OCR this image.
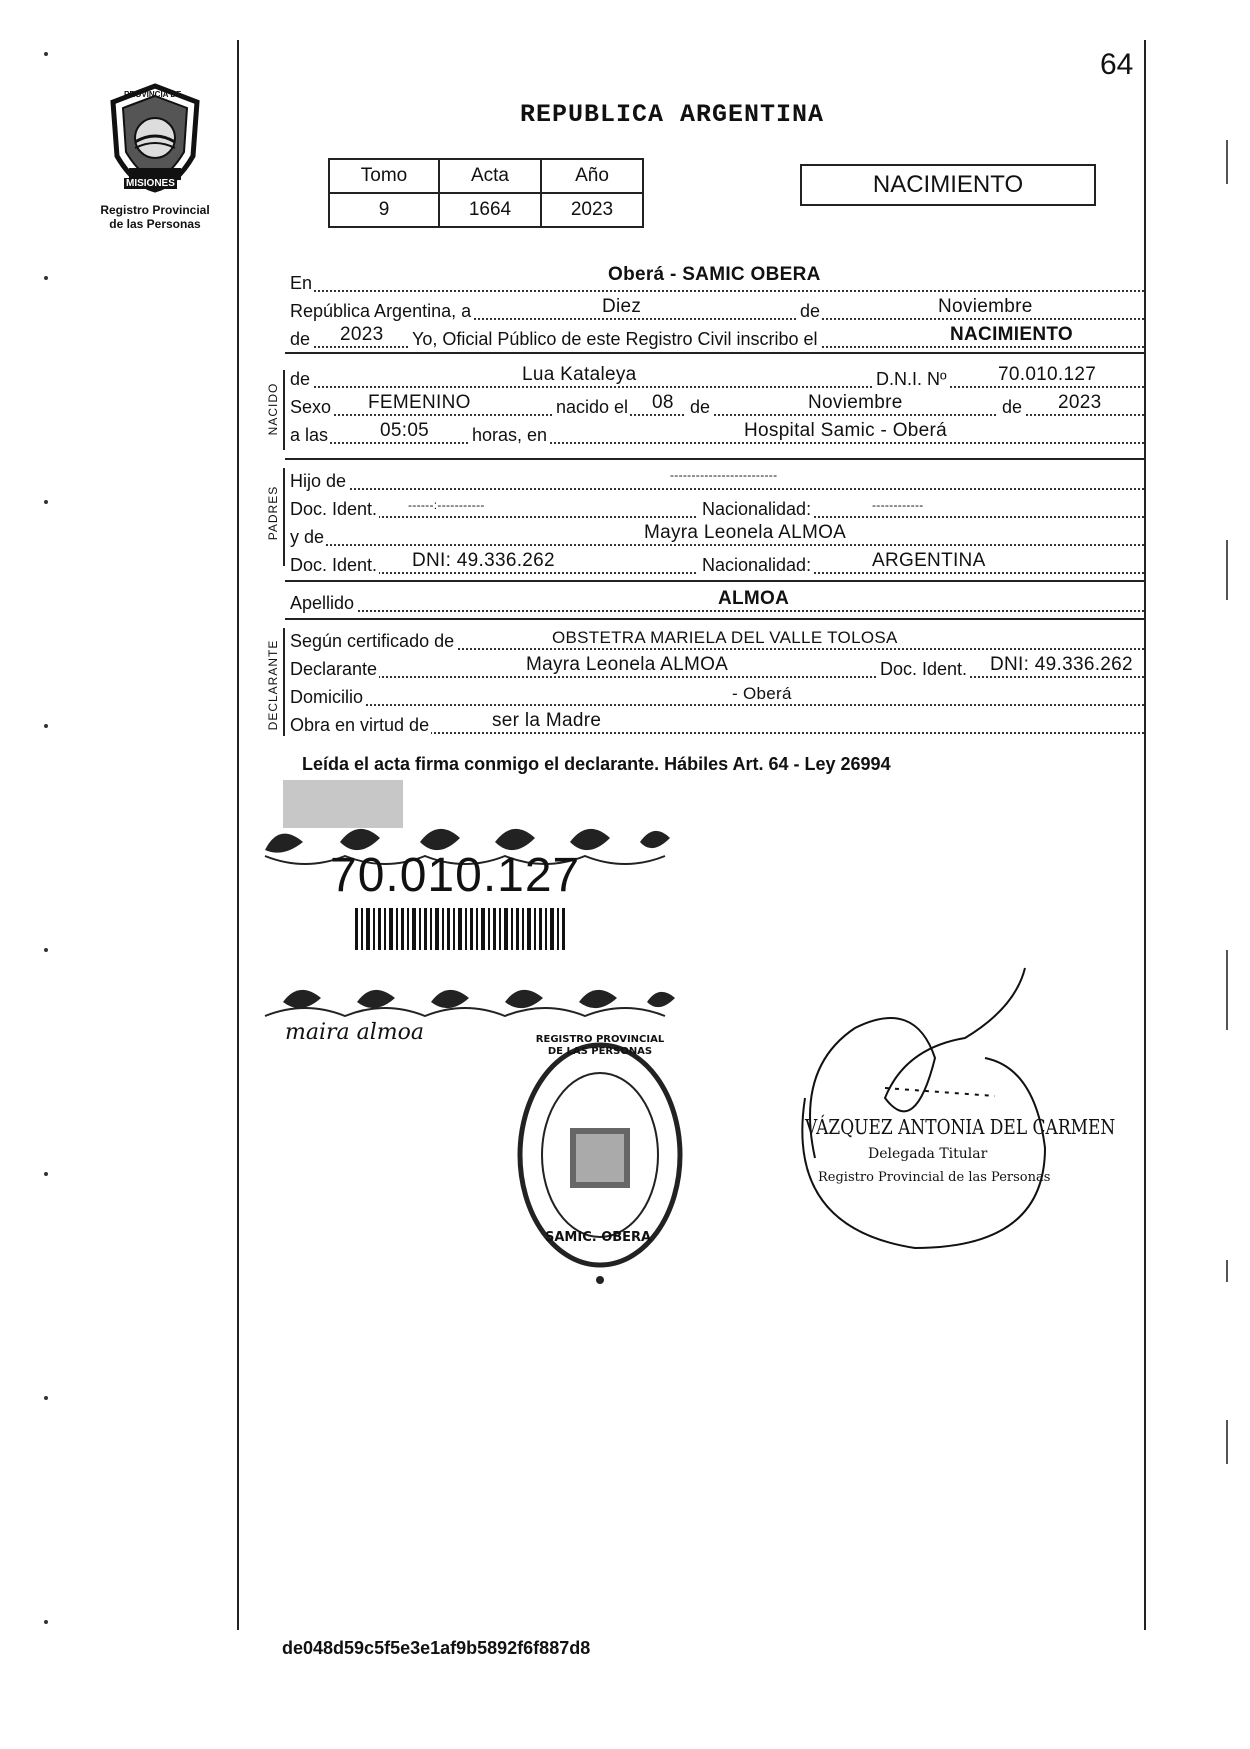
64
REPUBLICA ARGENTINA
Registro Provincial
de las Personas
PROVINCIA DE
MISIONES	Tomo	Acta	Año
9	1664	2023
NACIMIENTO
En	Oberá - SAMIC OBERA
República Argentina, a	Diez	de	Noviembre
de 2023 Yo, Oficial Público de este Registro Civil inscribo el	NACIMIENTO
NACIDO
de	Lua Kataleya	D.N.I. Nº	70.010.127
Sexo FEMENINO	nacido el 08 de	Noviembre	de 2023
a las	05:05 horas, en	Hospital Samic - Oberá
PADRES
Hijo de	-------------------------
Doc. Ident.	------:-----------	Nacionalidad:	------------
y de	Mayra Leonela ALMOA
Doc. Ident. DNI: 49.336.262	Nacionalidad:	ARGENTINA
Apellido	ALMOA
DECLARANTE Según certificado de	OBSTETRA MARIELA DEL VALLE TOLOSA
Declarante	Mayra Leonela ALMOA	Doc. Ident. DNI: 49.336.262
Domicilio	- Oberá
Obra en virtud de	ser la Madre
Leída el acta firma conmigo el declarante. Hábiles Art. 64 - Ley 26994
70.010.127
maira almoa	REGISTRO PROVINCIAL DE LAS PERSONAS
SAMIC. OBERA
VÁZQUEZ ANTONIA DEL CARMEN
Delegada Titular
Registro Provincial de las Personas
de048d59c5f5e3e1af9b5892f6f887d8
